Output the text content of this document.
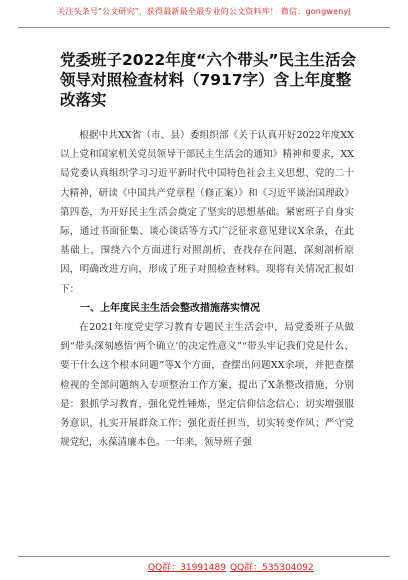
关注头条号"公文研究"，获得最新最全最专业的公文资料库！ 微信：gongwenyj
党委班子2022年度“六个带头”民主生活会领导对照检查材料（7917字）含上年度整改落实

根据中共XX省（市、县）委组织部《关于认真开好2022年度XX以上党和国家机关党员领导干部民主生活会的通知》精神和要求，XX局党委认真组织学习习近平新时代中国特色社会主义思想、党的二十大精神，研读《中国共产党章程（修正案）》和《习近平谈治国理政》第四卷，为开好民主生活会奠定了坚实的思想基础。紧密班子自身实际，通过书面征集、谈心谈话等方式广泛征求意见建议X余条，在此基础上，围绕六个方面进行对照剖析，查找存在问题，深刻剖析原因，明确改进方向，形成了班子对照检查材料。现将有关情况汇报如下：

一、上年度民主生活会整改措施落实情况

在2021年度党史学习教育专题民主生活会中，局党委班子从做到“带头深刻感悟‘两个确立’的决定性意义”“带头牢记我们党是什么、要干什么这个根本问题”等X个方面，查摆出问题XX余项，并把查摆检视的全部问题纳入专项整治工作方案，提出了X条整改措施，分别是：狠抓学习教育，强化党性锤炼，坚定信仰信念信心；切实增强服务意识，扎实开展群众工作；强化责任担当，切实转变作风；严守党规党纪，永葆清廉本色。一年来，领导班子强

QQ群：31991489 QQ群：535304092
